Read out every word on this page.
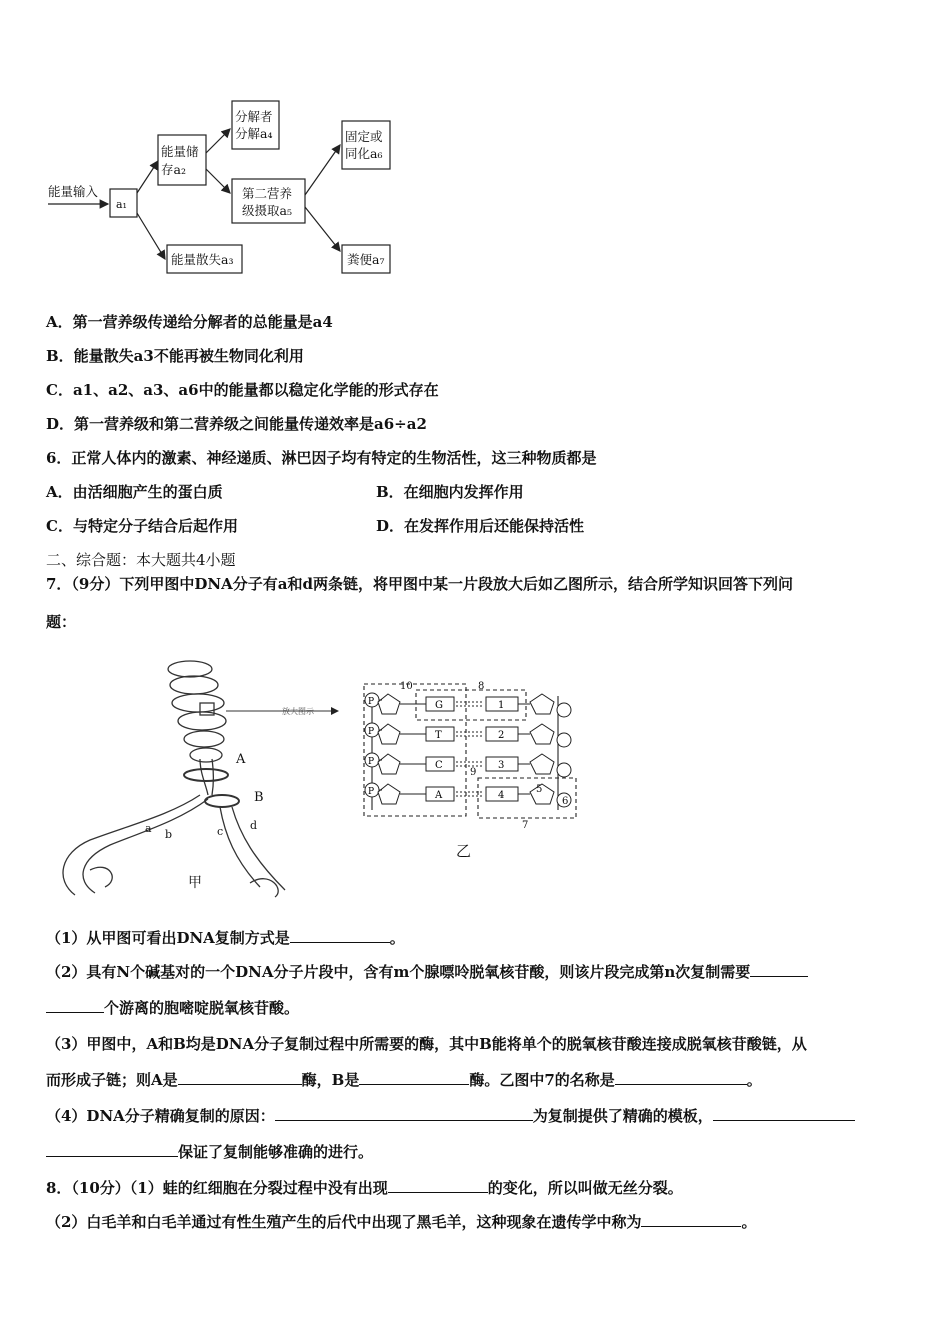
能量输入
a₁
能量储
存a₂
分解者
分解a₄
第二营养
级摄取a₅
固定或
同化a₆
能量散失a₃	粪便a₇
A．第一营养级传递给分解者的总能量是a4
B．能量散失a3不能再被生物同化利用
C．a1、a2、a3、a6中的能量都以稳定化学能的形式存在
D．第一营养级和第二营养级之间能量传递效率是a6÷a2
6．正常人体内的激素、神经递质、淋巴因子均有特定的生物活性，这三种物质都是
A．由活细胞产生的蛋白质	B．在细胞内发挥作用
C．与特定分子结合后起作用	D．在发挥作用后还能保持活性
二、综合题：本大题共4小题
7．（9分）下列甲图中DNA分子有a和d两条链，将甲图中某一片段放大后如乙图所示，结合所学知识回答下列问
题：
A
B
a b	c d
甲
放大图示
P	G	1
P	T	2
P	C	3
P	A	4
10	8
9
5
6
7
乙
（1）从甲图可看出DNA复制方式是	。
（2）具有N个碱基对的一个DNA分子片段中，含有m个腺嘌呤脱氧核苷酸，则该片段完成第n次复制需要
个游离的胞嘧啶脱氧核苷酸。
（3）甲图中，A和B均是DNA分子复制过程中所需要的酶，其中B能将单个的脱氧核苷酸连接成脱氧核苷酸链，从
而形成子链；则A是	酶，B是	酶。乙图中7的名称是	。
（4）DNA分子精确复制的原因：	为复制提供了精确的模板，
保证了复制能够准确的进行。
8．（10分）（1）蛙的红细胞在分裂过程中没有出现	的变化，所以叫做无丝分裂。
（2）白毛羊和白毛羊通过有性生殖产生的后代中出现了黑毛羊，这种现象在遗传学中称为	。
